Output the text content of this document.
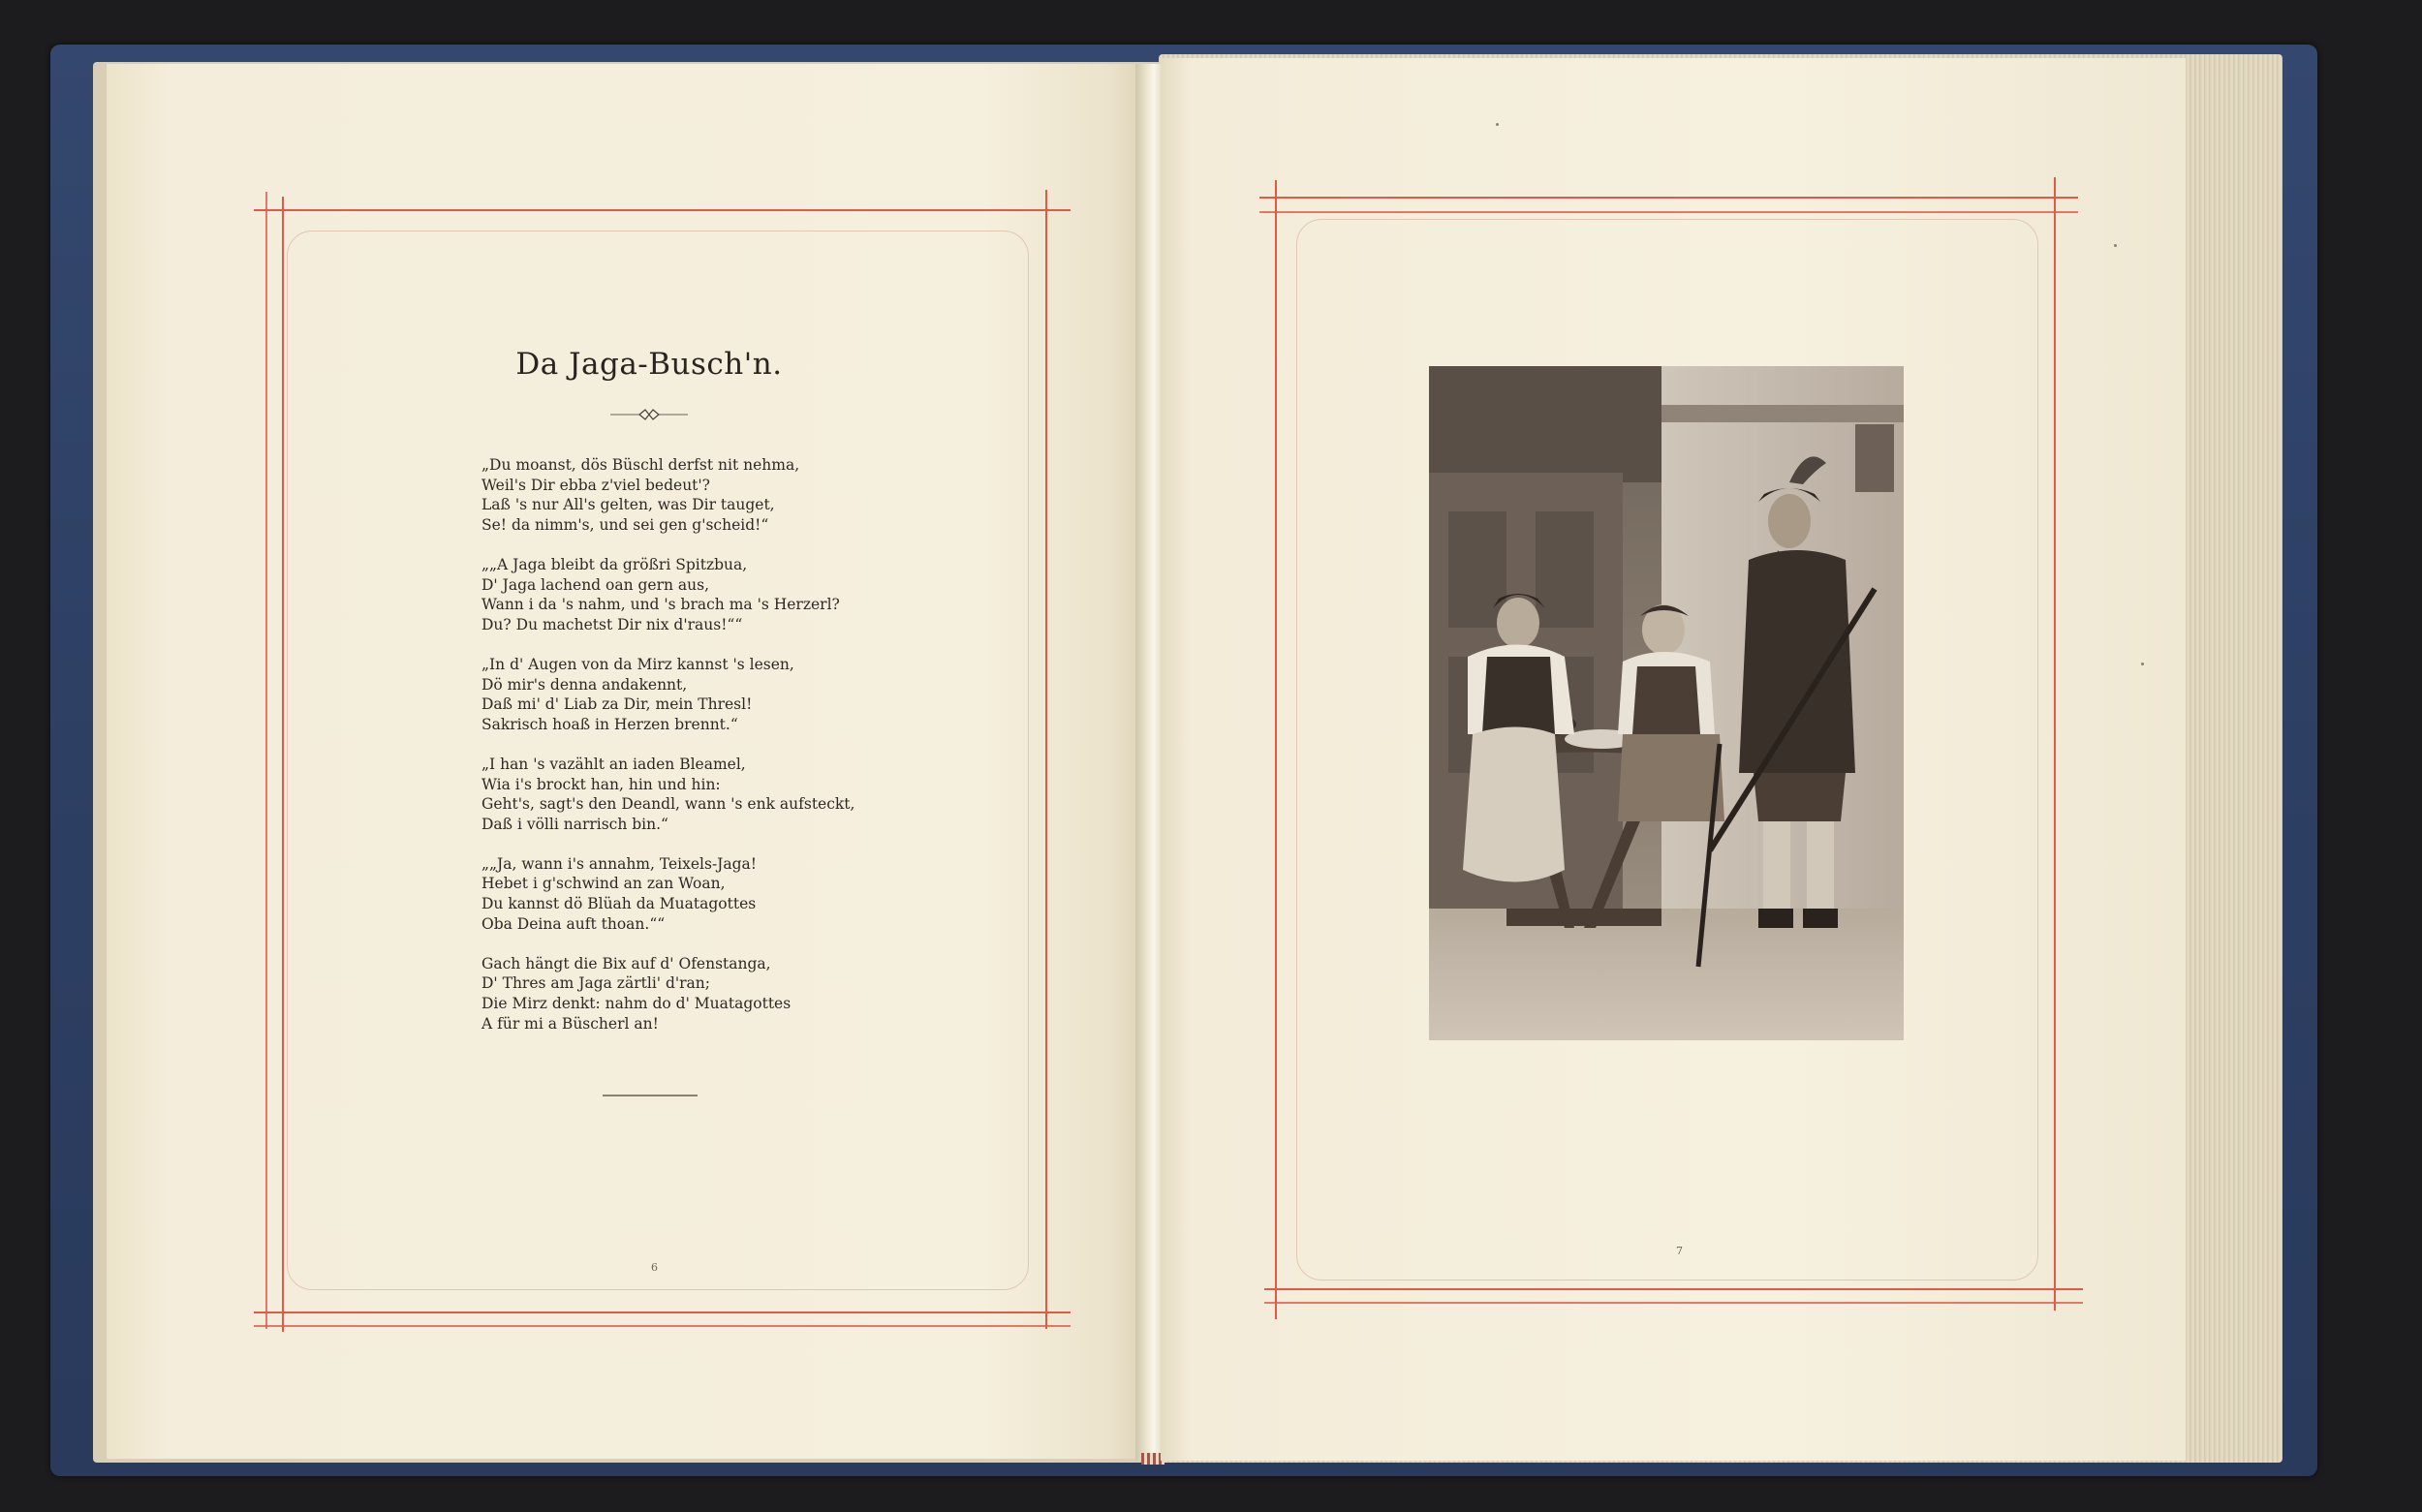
Da Jaga-Busch'n.
„Du moanst, dös Büschl derfst nit nehma,
Weil's Dir ebba z'viel bedeut'?
Laß 's nur All's gelten, was Dir tauget,
Se! da nimm's, und sei gen g'scheid!“
„„A Jaga bleibt da größri Spitzbua,
D' Jaga lachend oan gern aus,
Wann i da 's nahm, und 's brach ma 's Herzerl?
Du? Du machetst Dir nix d'raus!““
„In d' Augen von da Mirz kannst 's lesen,
Dö mir's denna andakennt,
Daß mi' d' Liab za Dir, mein Thresl!
Sakrisch hoaß in Herzen brennt.“
„I han 's vazählt an iaden Bleamel,
Wia i's brockt han, hin und hin:
Geht's, sagt's den Deandl, wann 's enk aufsteckt,
Daß i völli narrisch bin.“
„„Ja, wann i's annahm, Teixels-Jaga!
Hebet i g'schwind an zan Woan,
Du kannst dö Blüah da Muatagottes
Oba Deina auft thoan.““
Gach hängt die Bix auf d' Ofenstanga,
D' Thres am Jaga zärtli' d'ran;
Die Mirz denkt: nahm do d' Muatagottes
A für mi a Büscherl an!
6
7
